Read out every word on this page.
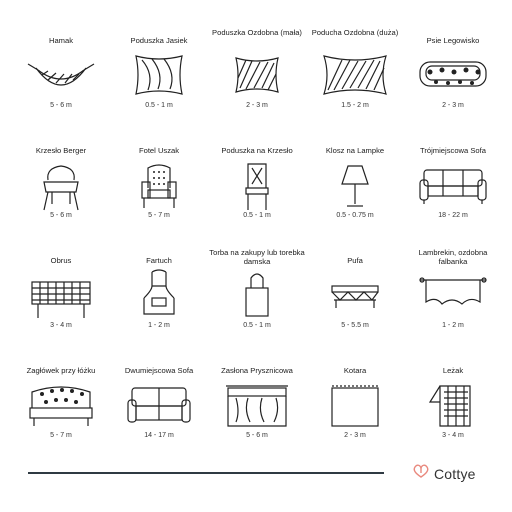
Hamak
5 - 6 m
Poduszka Jasiek
0.5 - 1 m
Poduszka Ozdobna (mała)
2 - 3 m
Poducha Ozdobna (duża)
1.5 - 2 m
Psie Legowisko
2 - 3 m
Krzesło Berger
5 - 6 m
Fotel Uszak
5 - 7 m
Poduszka na Krzesło
0.5 - 1 m
Klosz na Lampke
0.5 - 0.75 m
Trójmiejscowa Sofa
18 - 22 m
Obrus
3 - 4 m
Fartuch
1 - 2 m
Torba na zakupy lub torebka damska
0.5 - 1 m
Pufa
5 - 5.5 m
Lambrekin, ozdobna falbanka
1 - 2 m
Zagłówek przy łóżku
5 - 7 m
Dwumiejscowa Sofa
14 - 17 m
Zasłona Prysznicowa
5 - 6 m
Kotara
2 - 3 m
Leżak
3 - 4 m
Cottye
